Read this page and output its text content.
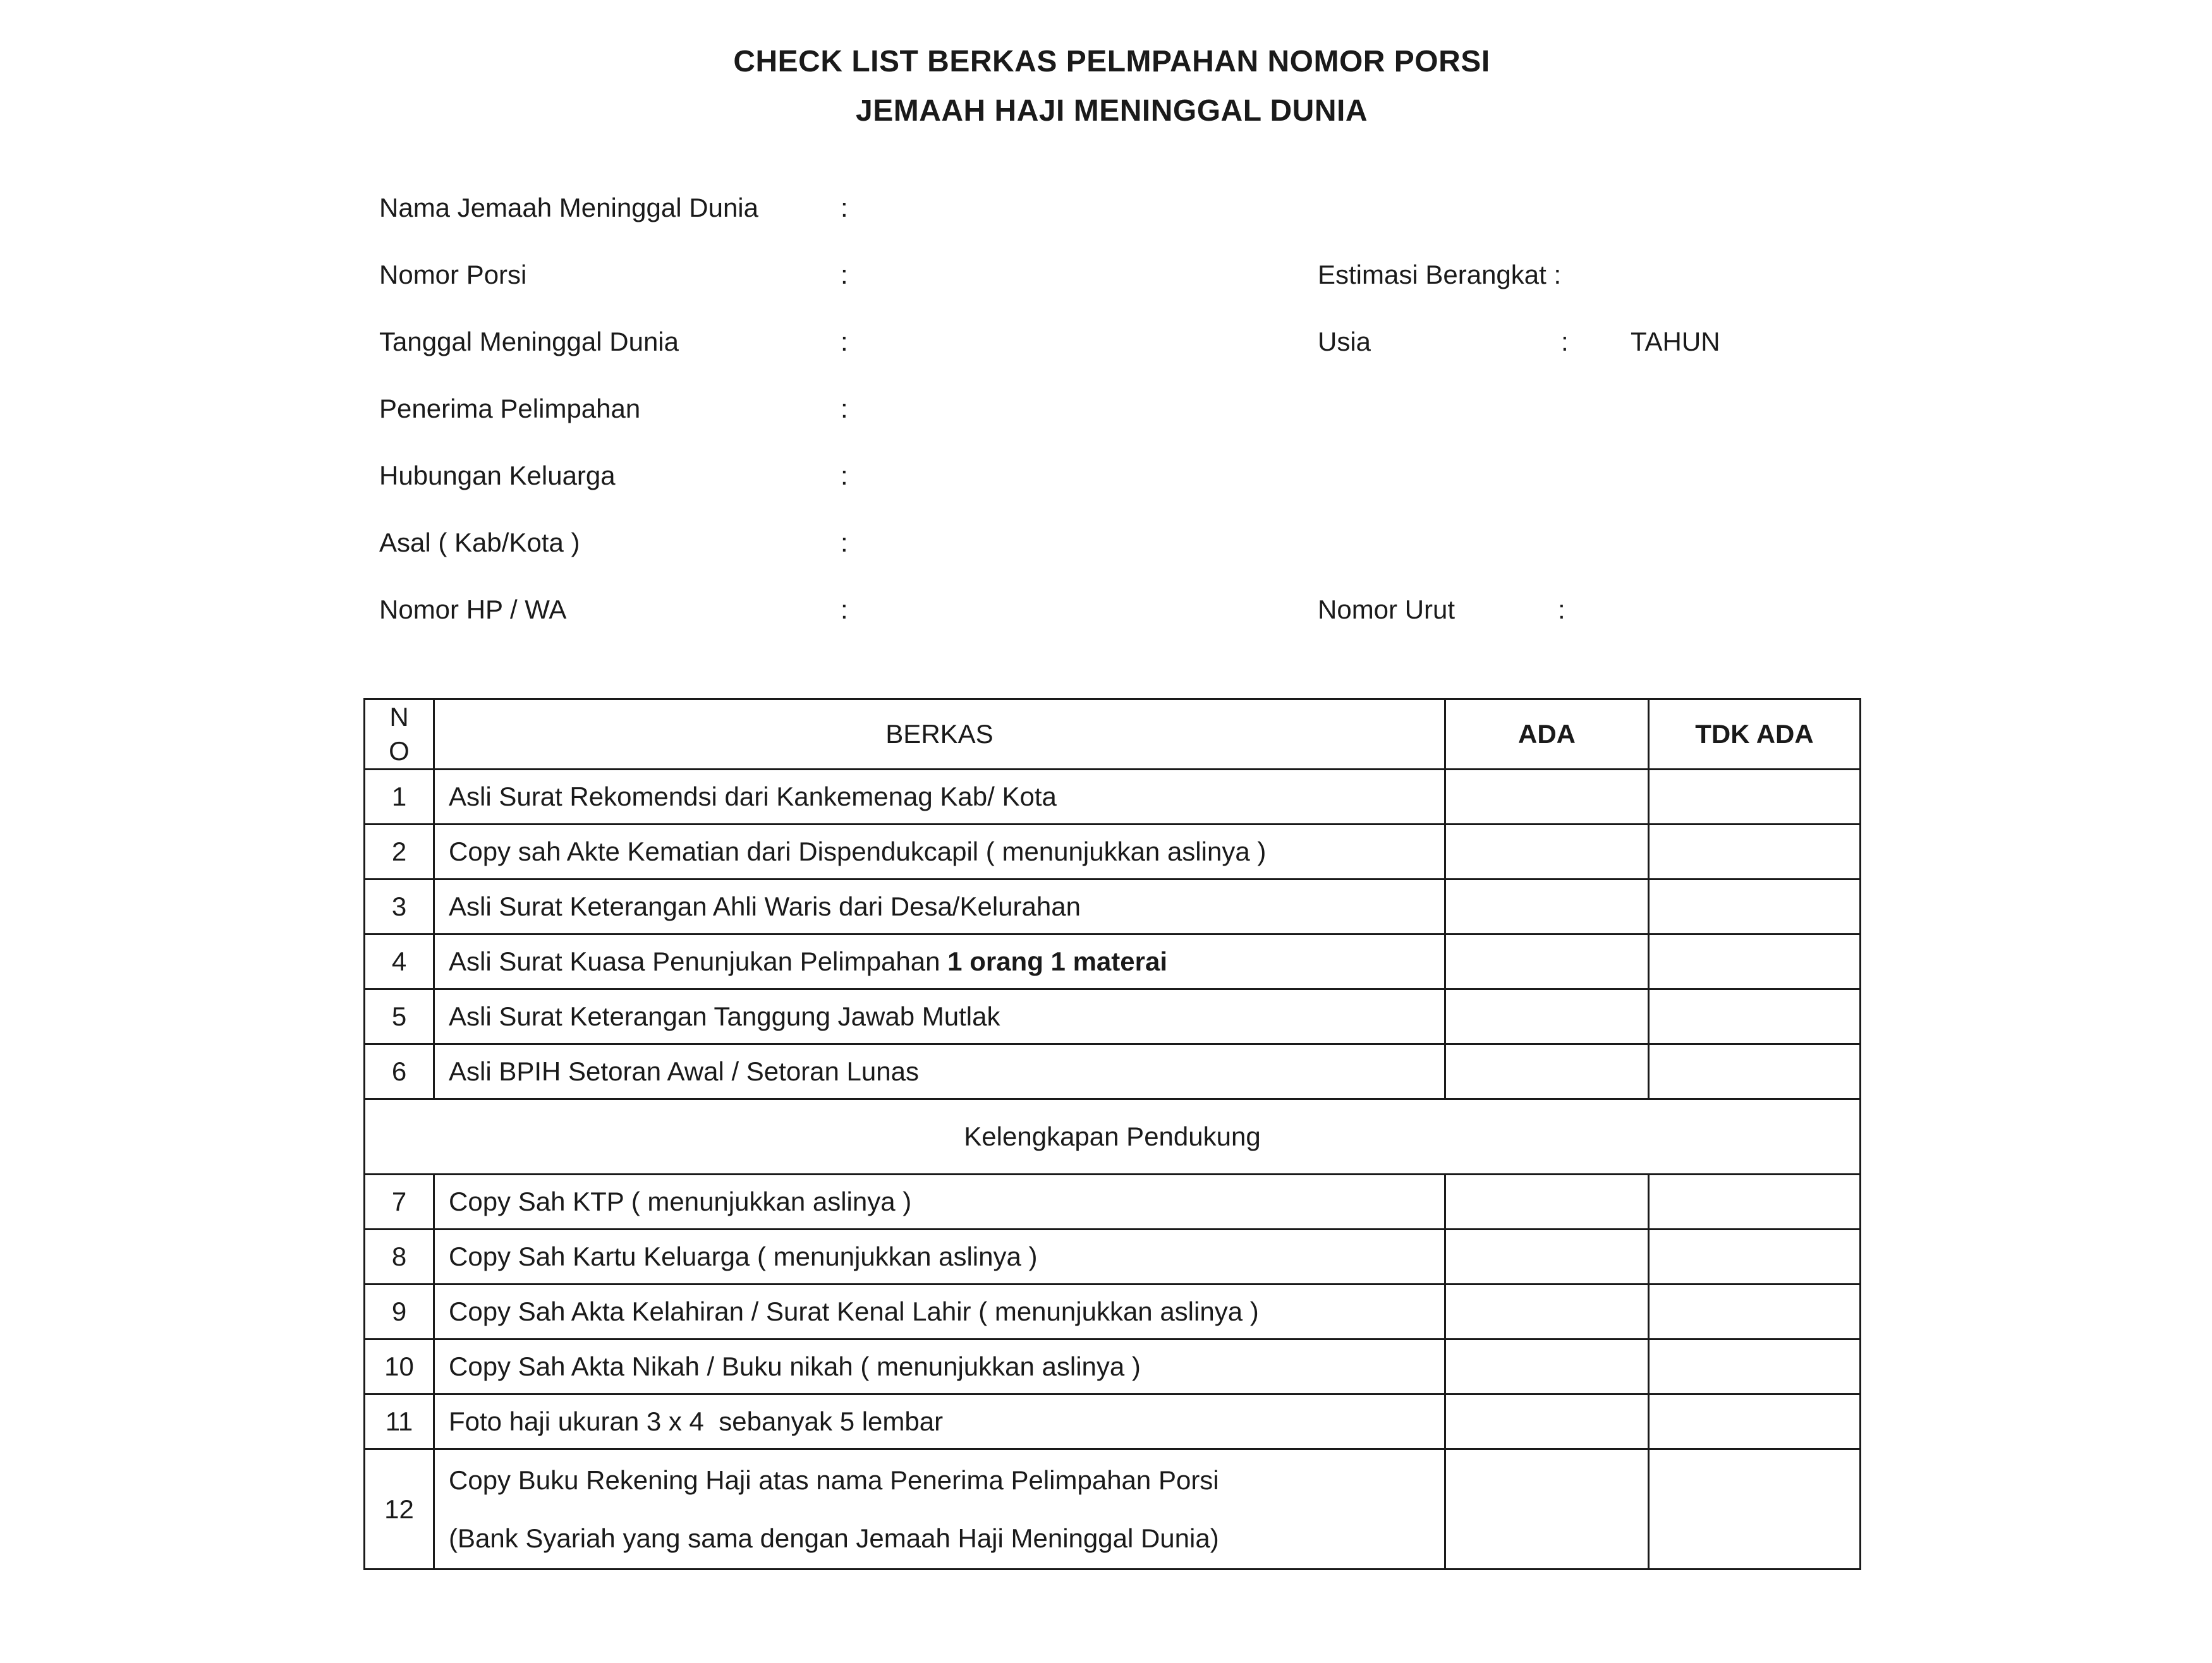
CHECK LIST BERKAS PELMPAHAN NOMOR PORSI
JEMAAH HAJI MENINGGAL DUNIA
Nama Jemaah Meninggal Dunia	:
Nomor Porsi	:
Tanggal Meninggal Dunia	:
Penerima Pelimpahan	:
Hubungan Keluarga	:
Asal ( Kab/Kota )	:
Nomor HP / WA	:
Estimasi Berangkat :
Usia	: TAHUN
Nomor Urut	:
N
O	BERKAS	ADA	TDK ADA
1	Asli Surat Rekomendsi dari Kankemenag Kab/ Kota		
2	Copy sah Akte Kematian dari Dispendukcapil ( menunjukkan aslinya )		
3	Asli Surat Keterangan Ahli Waris dari Desa/Kelurahan		
4	Asli Surat Kuasa Penunjukan Pelimpahan 1 orang 1 materai		
5	Asli Surat Keterangan Tanggung Jawab Mutlak		
6	Asli BPIH Setoran Awal / Setoran Lunas		
Kelengkapan Pendukung			
7	Copy Sah KTP ( menunjukkan aslinya )		
8	Copy Sah Kartu Keluarga ( menunjukkan aslinya )		
9	Copy Sah Akta Kelahiran / Surat Kenal Lahir ( menunjukkan aslinya )		
10	Copy Sah Akta Nikah / Buku nikah ( menunjukkan aslinya )		
11	Foto haji ukuran 3 x 4  sebanyak 5 lembar		
12	Copy Buku Rekening Haji atas nama Penerima Pelimpahan Porsi
(Bank Syariah yang sama dengan Jemaah Haji Meninggal Dunia)		
